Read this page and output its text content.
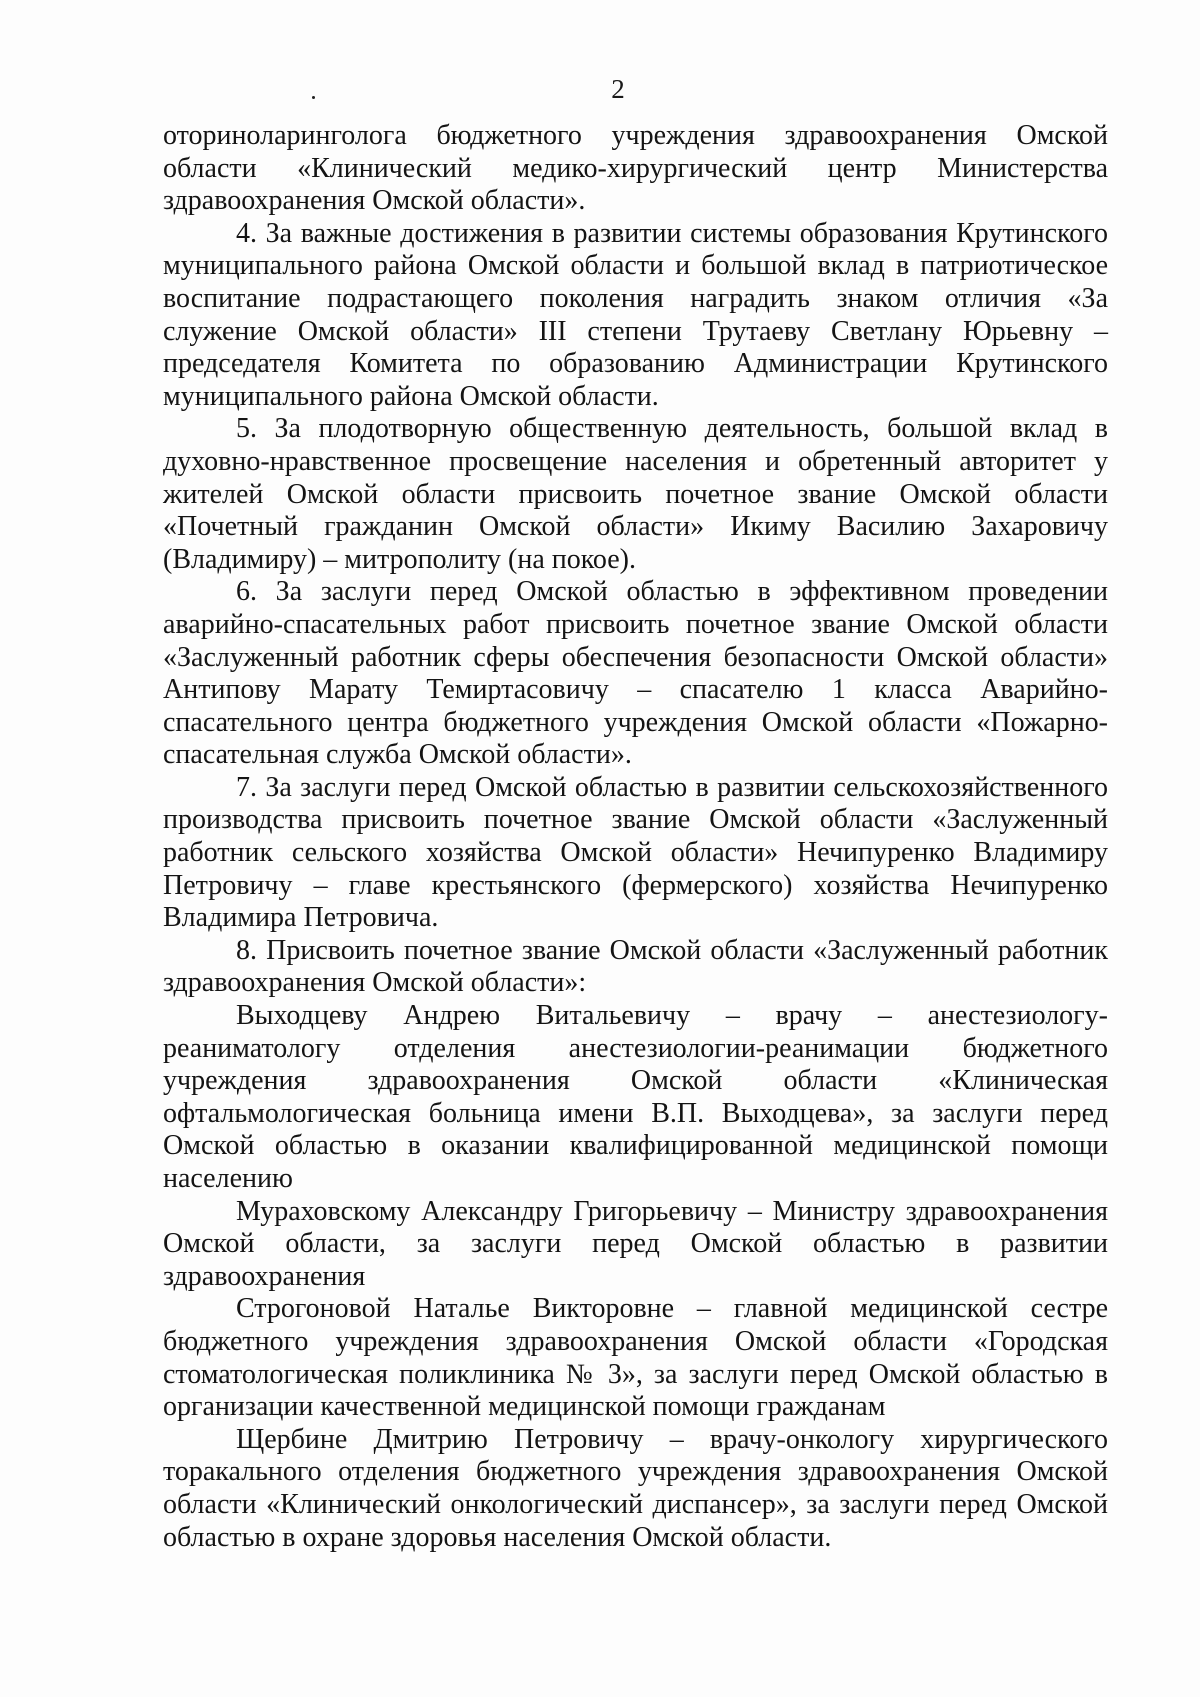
2

оториноларинголога бюджетного учреждения здравоохранения Омской области «Клинический медико-хирургический центр Министерства здравоохранения Омской области».

4. За важные достижения в развитии системы образования Крутинского муниципального района Омской области и большой вклад в патриотическое воспитание подрастающего поколения наградить знаком отличия «За служение Омской области» III степени Трутаеву Светлану Юрьевну – председателя Комитета по образованию Администрации Крутинского муниципального района Омской области.

5. За плодотворную общественную деятельность, большой вклад в духовно-нравственное просвещение населения и обретенный авторитет у жителей Омской области присвоить почетное звание Омской области «Почетный гражданин Омской области» Икиму Василию Захаровичу (Владимиру) – митрополиту (на покое).

6. За заслуги перед Омской областью в эффективном проведении аварийно-спасательных работ присвоить почетное звание Омской области «Заслуженный работник сферы обеспечения безопасности Омской области» Антипову Марату Темиртасовичу – спасателю 1 класса Аварийно-спасательного центра бюджетного учреждения Омской области «Пожарно-спасательная служба Омской области».

7. За заслуги перед Омской областью в развитии сельскохозяйственного производства присвоить почетное звание Омской области «Заслуженный работник сельского хозяйства Омской области» Нечипуренко Владимиру Петровичу – главе крестьянского (фермерского) хозяйства Нечипуренко Владимира Петровича.

8. Присвоить почетное звание Омской области «Заслуженный работник здравоохранения Омской области»:

Выходцеву Андрею Витальевичу – врачу – анестезиологу-реаниматологу отделения анестезиологии-реанимации бюджетного учреждения здравоохранения Омской области «Клиническая офтальмологическая больница имени В.П. Выходцева», за заслуги перед Омской областью в оказании квалифицированной медицинской помощи населению

Мураховскому Александру Григорьевичу – Министру здравоохранения Омской области, за заслуги перед Омской областью в развитии здравоохранения

Строгоновой Наталье Викторовне – главной медицинской сестре бюджетного учреждения здравоохранения Омской области «Городская стоматологическая поликлиника № 3», за заслуги перед Омской областью в организации качественной медицинской помощи гражданам

Щербине Дмитрию Петровичу – врачу-онкологу хирургического торакального отделения бюджетного учреждения здравоохранения Омской области «Клинический онкологический диспансер», за заслуги перед Омской областью в охране здоровья населения Омской области.
